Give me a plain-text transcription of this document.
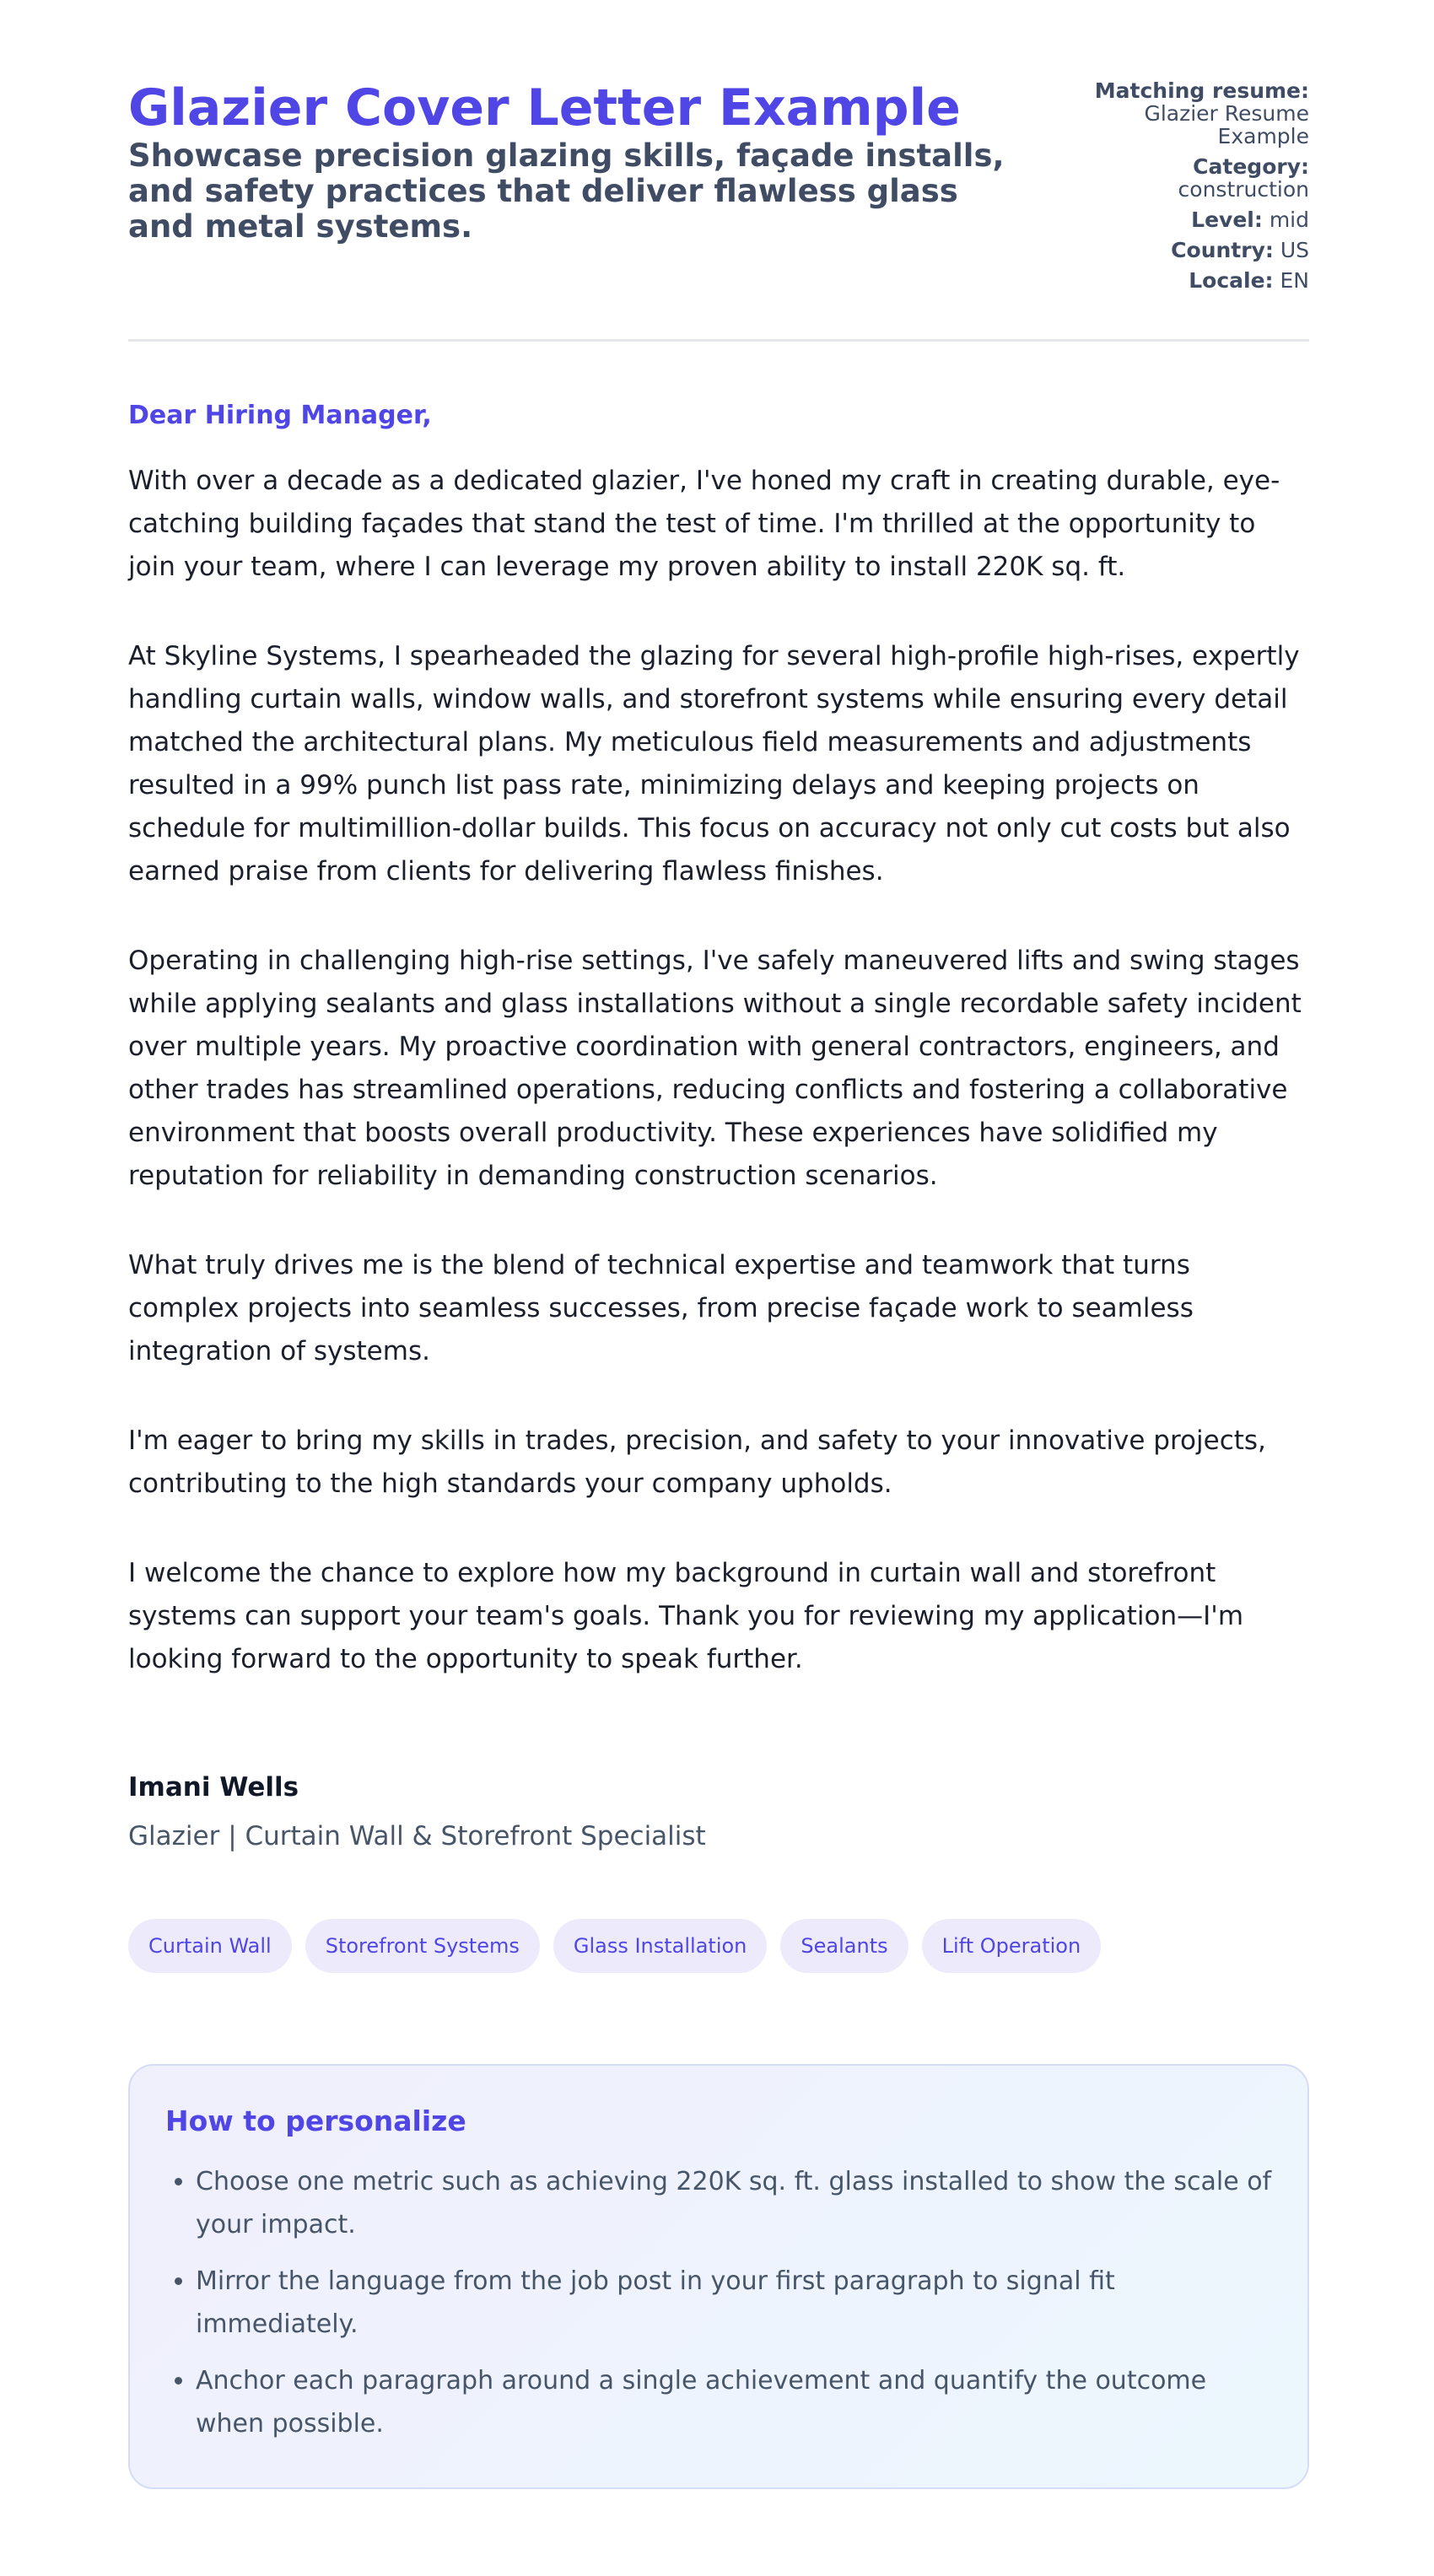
Glazier Cover Letter Example

Showcase precision glazing skills, façade installs, and safety practices that deliver flawless glass and metal systems.

Matching resume:
Glazier Resume Example
Category:
construction
Level: mid
Country: US
Locale: EN

Dear Hiring Manager,

With over a decade as a dedicated glazier, I've honed my craft in creating durable, eye-catching building façades that stand the test of time. I'm thrilled at the opportunity to join your team, where I can leverage my proven ability to install 220K sq. ft.

At Skyline Systems, I spearheaded the glazing for several high-profile high-rises, expertly handling curtain walls, window walls, and storefront systems while ensuring every detail matched the architectural plans. My meticulous field measurements and adjustments resulted in a 99% punch list pass rate, minimizing delays and keeping projects on schedule for multimillion-dollar builds. This focus on accuracy not only cut costs but also earned praise from clients for delivering flawless finishes.

Operating in challenging high-rise settings, I've safely maneuvered lifts and swing stages while applying sealants and glass installations without a single recordable safety incident over multiple years. My proactive coordination with general contractors, engineers, and other trades has streamlined operations, reducing conflicts and fostering a collaborative environment that boosts overall productivity. These experiences have solidified my reputation for reliability in demanding construction scenarios.

What truly drives me is the blend of technical expertise and teamwork that turns complex projects into seamless successes, from precise façade work to seamless integration of systems.

I'm eager to bring my skills in trades, precision, and safety to your innovative projects, contributing to the high standards your company upholds.

I welcome the chance to explore how my background in curtain wall and storefront systems can support your team's goals. Thank you for reviewing my application—I'm looking forward to the opportunity to speak further.

Imani Wells
Glazier | Curtain Wall & Storefront Specialist
Curtain Wall	Storefront Systems	Glass Installation	Sealants	Lift Operation
How to personalize
• Choose one metric such as achieving 220K sq. ft. glass installed to show the scale of your impact.
• Mirror the language from the job post in your first paragraph to signal fit immediately.
• Anchor each paragraph around a single achievement and quantify the outcome when possible.
